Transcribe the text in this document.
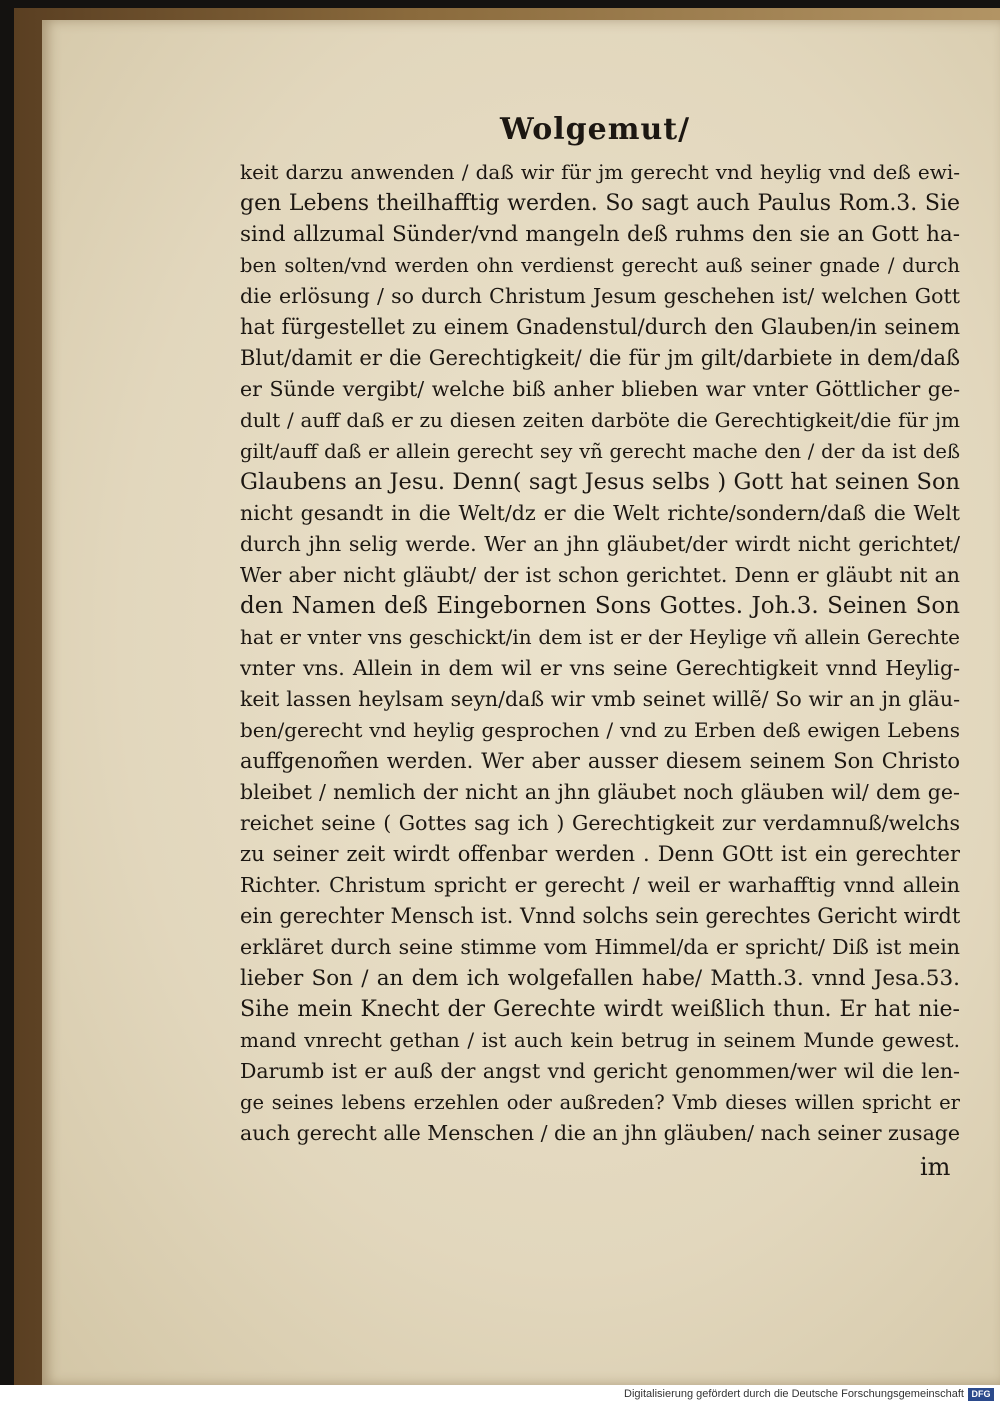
Wolgemut/
keit darzu anwenden / daß wir für jm gerecht vnd heylig vnd deß ewi-
gen Lebens theilhafftig werden. So sagt auch Paulus Rom.3. Sie
sind allzumal Sünder/vnd mangeln deß ruhms den sie an Gott ha-
ben solten/vnd werden ohn verdienst gerecht auß seiner gnade / durch
die erlösung / so durch Christum Jesum geschehen ist/ welchen Gott
hat fürgestellet zu einem Gnadenstul/durch den Glauben/in seinem
Blut/damit er die Gerechtigkeit/ die für jm gilt/darbiete in dem/daß
er Sünde vergibt/ welche biß anher blieben war vnter Göttlicher ge-
dult / auff daß er zu diesen zeiten darböte die Gerechtigkeit/die für jm
gilt/auff daß er allein gerecht sey vñ gerecht mache den / der da ist deß
Glaubens an Jesu. Denn( sagt Jesus selbs ) Gott hat seinen Son
nicht gesandt in die Welt/dz er die Welt richte/sondern/daß die Welt
durch jhn selig werde. Wer an jhn gläubet/der wirdt nicht gerichtet/
Wer aber nicht gläubt/ der ist schon gerichtet. Denn er gläubt nit an
den Namen deß Eingebornen Sons Gottes. Joh.3. Seinen Son
hat er vnter vns geschickt/in dem ist er der Heylige vñ allein Gerechte
vnter vns. Allein in dem wil er vns seine Gerechtigkeit vnnd Heylig-
keit lassen heylsam seyn/daß wir vmb seinet willẽ/ So wir an jn gläu-
ben/gerecht vnd heylig gesprochen / vnd zu Erben deß ewigen Lebens
auffgenom̃en werden. Wer aber ausser diesem seinem Son Christo
bleibet / nemlich der nicht an jhn gläubet noch gläuben wil/ dem ge-
reichet seine ( Gottes sag ich ) Gerechtigkeit zur verdamnuß/welchs
zu seiner zeit wirdt offenbar werden . Denn GOtt ist ein gerechter
Richter. Christum spricht er gerecht / weil er warhafftig vnnd allein
ein gerechter Mensch ist. Vnnd solchs sein gerechtes Gericht wirdt
erkläret durch seine stimme vom Himmel/da er spricht/ Diß ist mein
lieber Son / an dem ich wolgefallen habe/ Matth.3. vnnd Jesa.53.
Sihe mein Knecht der Gerechte wirdt weißlich thun. Er hat nie-
mand vnrecht gethan / ist auch kein betrug in seinem Munde gewest.
Darumb ist er auß der angst vnd gericht genommen/wer wil die len-
ge seines lebens erzehlen oder außreden? Vmb dieses willen spricht er
auch gerecht alle Menschen / die an jhn gläuben/ nach seiner zusage
im
Digitalisierung gefördert durch die Deutsche Forschungsgemeinschaft DFG
